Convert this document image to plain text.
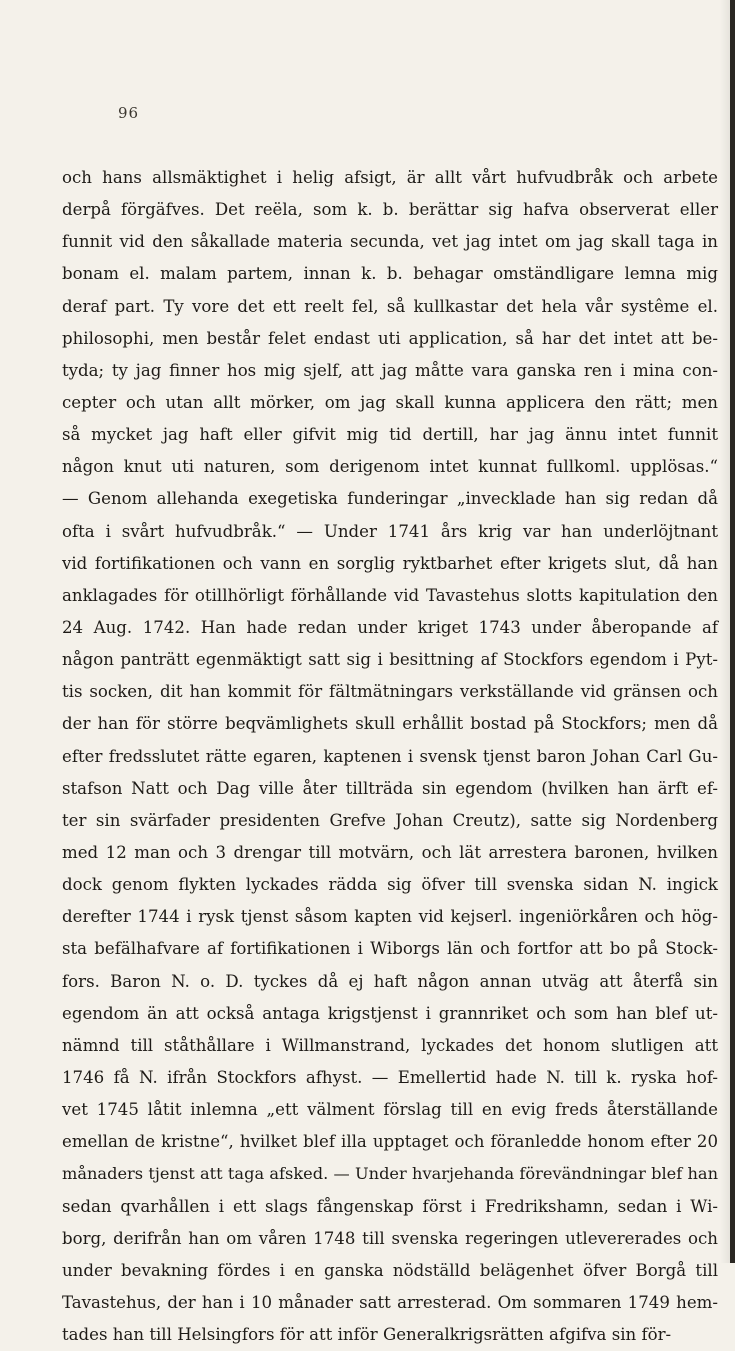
96
och hans allsmäktighet i helig afsigt, är allt vårt hufvudbråk och arbete
derpå förgäfves. Det reëla, som k. b. berättar sig hafva observerat eller
funnit vid den såkallade materia secunda, vet jag intet om jag skall taga in
bonam el. malam partem, innan k. b. behagar omständligare lemna mig
deraf part. Ty vore det ett reelt fel, så kullkastar det hela vår systême el.
philosophi, men består felet endast uti application, så har det intet att be-
tyda; ty jag finner hos mig sjelf, att jag måtte vara ganska ren i mina con-
cepter och utan allt mörker, om jag skall kunna applicera den rätt; men
så mycket jag haft eller gifvit mig tid dertill, har jag ännu intet funnit
någon knut uti naturen, som derigenom intet kunnat fullkoml. upplösas.“
— Genom allehanda exegetiska funderingar „invecklade han sig redan då
ofta i svårt hufvudbråk.“ — Under 1741 års krig var han underlöjtnant
vid fortifikationen och vann en sorglig ryktbarhet efter krigets slut, då han
anklagades för otillhörligt förhållande vid Tavastehus slotts kapitulation den
24 Aug. 1742. Han hade redan under kriget 1743 under åberopande af
någon panträtt egenmäktigt satt sig i besittning af Stockfors egendom i Pyt-
tis socken, dit han kommit för fältmätningars verkställande vid gränsen och
der han för större beqvämlighets skull erhållit bostad på Stockfors; men då
efter fredsslutet rätte egaren, kaptenen i svensk tjenst baron Johan Carl Gu-
stafson Natt och Dag ville åter tillträda sin egendom (hvilken han ärft ef-
ter sin svärfader presidenten Grefve Johan Creutz), satte sig Nordenberg
med 12 man och 3 drengar till motvärn, och lät arrestera baronen, hvilken
dock genom flykten lyckades rädda sig öfver till svenska sidan N. ingick
derefter 1744 i rysk tjenst såsom kapten vid kejserl. ingeniörkåren och hög-
sta befälhafvare af fortifikationen i Wiborgs län och fortfor att bo på Stock-
fors. Baron N. o. D. tyckes då ej haft någon annan utväg att återfå sin
egendom än att också antaga krigstjenst i grannriket och som han blef ut-
nämnd till ståthållare i Willmanstrand, lyckades det honom slutligen att
1746 få N. ifrån Stockfors afhyst. — Emellertid hade N. till k. ryska hof-
vet 1745 låtit inlemna „ett välment förslag till en evig freds återställande
emellan de kristne“, hvilket blef illa upptaget och föranledde honom efter 20
månaders tjenst att taga afsked. — Under hvarjehanda förevändningar blef han
sedan qvarhållen i ett slags fångenskap först i Fredrikshamn, sedan i Wi-
borg, derifrån han om våren 1748 till svenska regeringen utlevererades och
under bevakning fördes i en ganska nödställd belägenhet öfver Borgå till
Tavastehus, der han i 10 månader satt arresterad. Om sommaren 1749 hem-
tades han till Helsingfors för att inför Generalkrigsrätten afgifva sin för-
